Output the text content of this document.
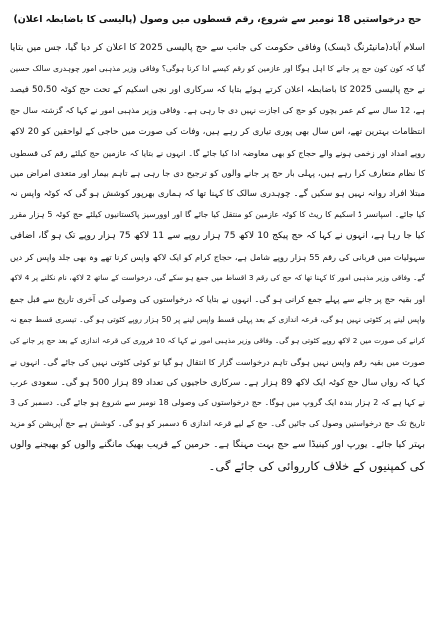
حج درخواستیں 18 نومبر سے شروع، رقم قسطوں میں وصول (پالیسی کا باضابطہ اعلان)
اسلام آباد(مانیٹرنگ ڈیسک) وفاقی حکومت کی جانب سے حج پالیسی 2025 کا اعلان کر دیا گیا، جس میں بتایا
گیا کہ کون کون حج پر جانے کا اہل ہوگا اور عازمین کو رقم کیسے ادا کرنا ہوگی؟ وفاقی وزیر مذہبی امور چوہدری سالک حسین
نے حج پالیسی 2025 کا باضابطہ اعلان کرتے ہوئے بتایا کہ سرکاری اور نجی اسکیم کے تحت حج کوٹہ 50،50 فیصد
ہے، 12 سال سے کم عمر بچوں کو حج کی اجازت نہیں دی جا رہی ہے۔ وفاقی وزیر مذہبی امور نے کہا کہ گزشتہ سال حج
انتظامات بہترین تھے، اس سال بھی پوری تیاری کر رہے ہیں، وفات کی صورت میں حاجی کے لواحقین کو 20 لاکھ
روپے امداد اور زخمی ہونے والے حجاج کو بھی معاوضہ ادا کیا جائے گا۔ انہوں نے بتایا کہ عازمین حج کیلئے رقم کی قسطوں
کا نظام متعارف کرا رہے ہیں، پہلی بار حج پر جانے والوں کو ترجیح دی جا رہی ہے تاہم بیمار اور متعدی امراض میں
مبتلا افراد روانہ نہیں ہو سکیں گے۔ چوہدری سالک کا کہنا تھا کہ ہماری بھرپور کوشش ہو گی کہ کوٹہ واپس نہ
کیا جائے۔ اسپانسر ڈ اسکیم کا ریٹ کا کوٹہ عازمین کو منتقل کیا جائے گا اور اوورسیز پاکستانیوں کیلئے حج کوٹہ 5 ہزار مقرر
کیا جا رہا ہے، انہوں نے کہا کہ حج پیکج 10 لاکھ 75 ہزار روپے سے 11 لاکھ 75 ہزار روپے تک ہو گا، اضافی
سہولیات میں قربانی کی رقم 55 ہزار روپے شامل ہے، حجاج کرام کو ایک لاکھ واپس کرنا تھے وہ بھی جلد واپس کر دیں
گے۔ وفاقی وزیر مذہبی امور کا کہنا تھا کہ حج کی رقم 3 اقساط میں جمع ہو سکے گی، درخواست کے ساتھ 2 لاکھ، نام نکلنے پر 4 لاکھ
اور بقیہ حج پر جانے سے پہلے جمع کرانی ہو گی۔ انہوں نے بتایا کہ درخواستوں کی وصولی کی آخری تاریخ سے قبل جمع
واپس لینے پر کٹوتی نہیں ہو گی، قرعہ اندازی کے بعد پہلی قسط واپس لینے پر 50 ہزار روپے کٹوتی ہو گی۔ تیسری قسط جمع نہ
کرانے کی صورت میں 2 لاکھ روپے کٹوتی ہو گی۔ وفاقی وزیر مذہبی امور نے کہا کہ 10 فروری کی قرعہ اندازی کے بعد حج پر جانے کی
صورت میں بقیہ رقم واپس نہیں ہوگی تاہم درخواست گزار کا انتقال ہو گیا تو کوئی کٹوتی نہیں کی جائے گی۔ انہوں نے
کہا کہ رواں سال حج کوٹہ ایک لاکھ 89 ہزار ہے۔ سرکاری حاجیوں کی تعداد 89 ہزار 500 ہو گی۔ سعودی عرب
نے کہا ہے کہ 2 ہزار بندہ ایک گروپ میں ہوگا۔ حج درخواستوں کی وصولی 18 نومبر سے شروع ہو جائے گی۔ دسمبر کی 3
تاریخ تک حج درخواستیں وصول کی جائیں گی۔ حج کے لیے قرعہ اندازی 6 دسمبر کو ہو گی۔ کوشش ہے حج آپریشن کو مزید
بہتر کیا جائے۔ یورپ اور کینیڈا سے حج بہت مہنگا ہے۔ حرمین کے قریب بھیک مانگنے والوں کو بھیجنے والوں
کی کمپنیوں کے خلاف کارروائی کی جائے گی۔
